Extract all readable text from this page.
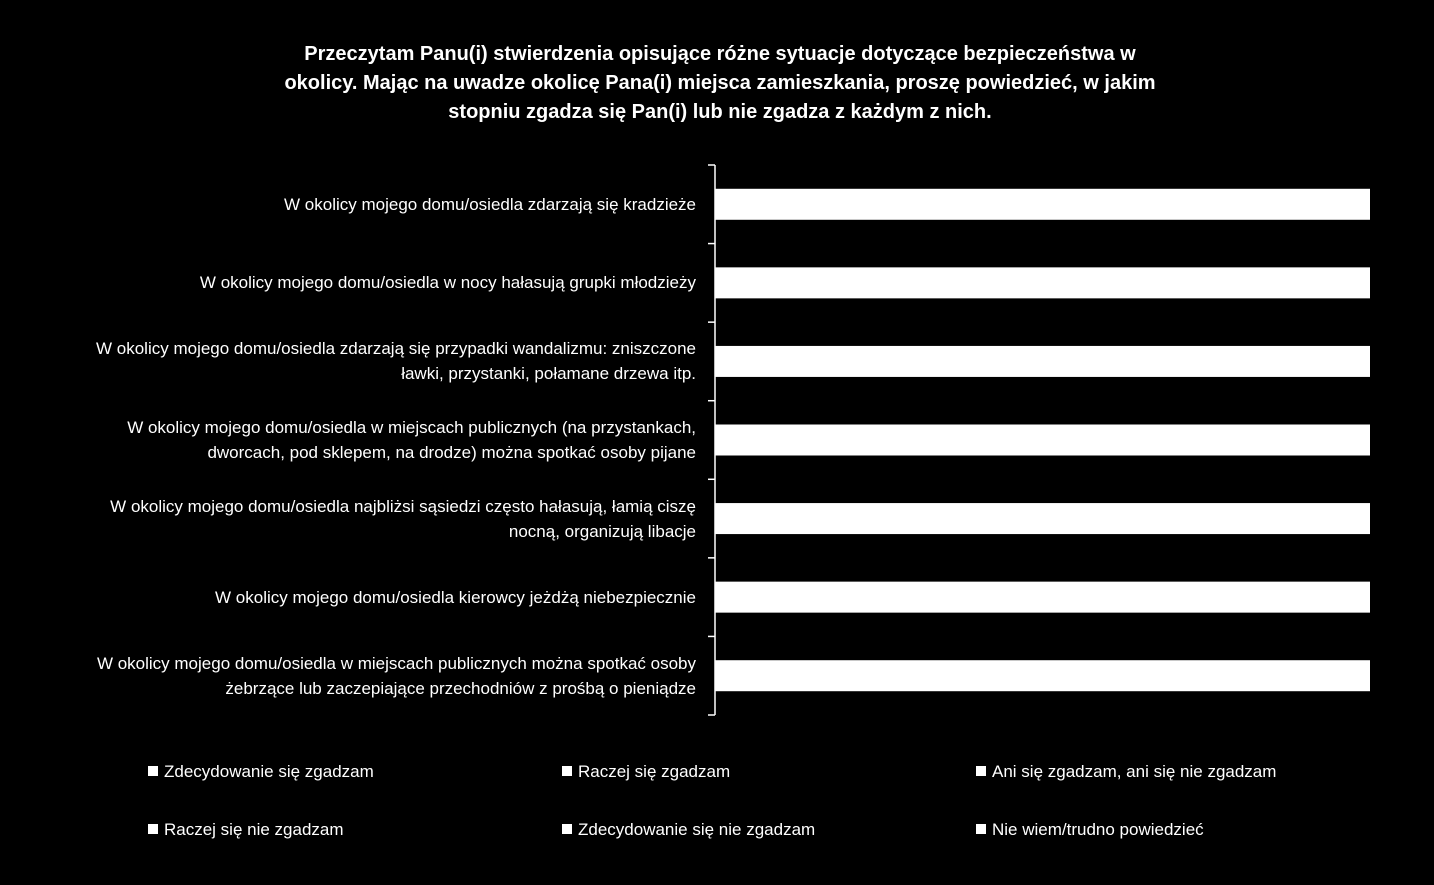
Przeczytam Panu(i) stwierdzenia opisujące różne sytuacje dotyczące bezpieczeństwa w
okolicy. Mając na uwadze okolicę Pana(i) miejsca zamieszkania, proszę powiedzieć, w jakim
stopniu zgadza się Pan(i) lub nie zgadza z każdym z nich.
W okolicy mojego domu/osiedla zdarzają się kradzieże
W okolicy mojego domu/osiedla w nocy hałasują grupki młodzieży
W okolicy mojego domu/osiedla zdarzają się przypadki wandalizmu: zniszczone
ławki, przystanki, połamane drzewa itp.
W okolicy mojego domu/osiedla w miejscach publicznych (na przystankach,
dworcach, pod sklepem, na drodze) można spotkać osoby pijane
W okolicy mojego domu/osiedla najbliżsi sąsiedzi często hałasują, łamią ciszę
nocną, organizują libacje
W okolicy mojego domu/osiedla kierowcy jeżdżą niebezpiecznie
W okolicy mojego domu/osiedla w miejscach publicznych można spotkać osoby
żebrzące lub zaczepiające przechodniów z prośbą o pieniądze
Zdecydowanie się zgadzam	Raczej się zgadzam	Ani się zgadzam, ani się nie zgadzam
Raczej się nie zgadzam	Zdecydowanie się nie zgadzam	Nie wiem/trudno powiedzieć
